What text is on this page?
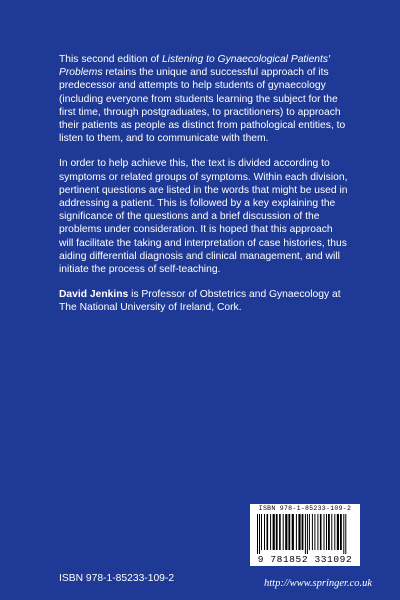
This second edition of Listening to Gynaecological Patients' Problems retains the unique and successful approach of its predecessor and attempts to help students of gynaecology (including everyone from students learning the subject for the first time, through postgraduates, to practitioners) to approach their patients as people as distinct from pathological entities, to listen to them, and to communicate with them.

In order to help achieve this, the text is divided according to symptoms or related groups of symptoms. Within each division, pertinent questions are listed in the words that might be used in addressing a patient. This is followed by a key explaining the significance of the questions and a brief discussion of the problems under consideration. It is hoped that this approach will facilitate the taking and interpretation of case histories, thus aiding differential diagnosis and clinical management, and will initiate the process of self-teaching.

David Jenkins is Professor of Obstetrics and Gynaecology at The National University of Ireland, Cork.

ISBN 978-1-85233-109-2
9 781852 331092
ISBN 978-1-85233-109-2	http://www.springer.co.uk
